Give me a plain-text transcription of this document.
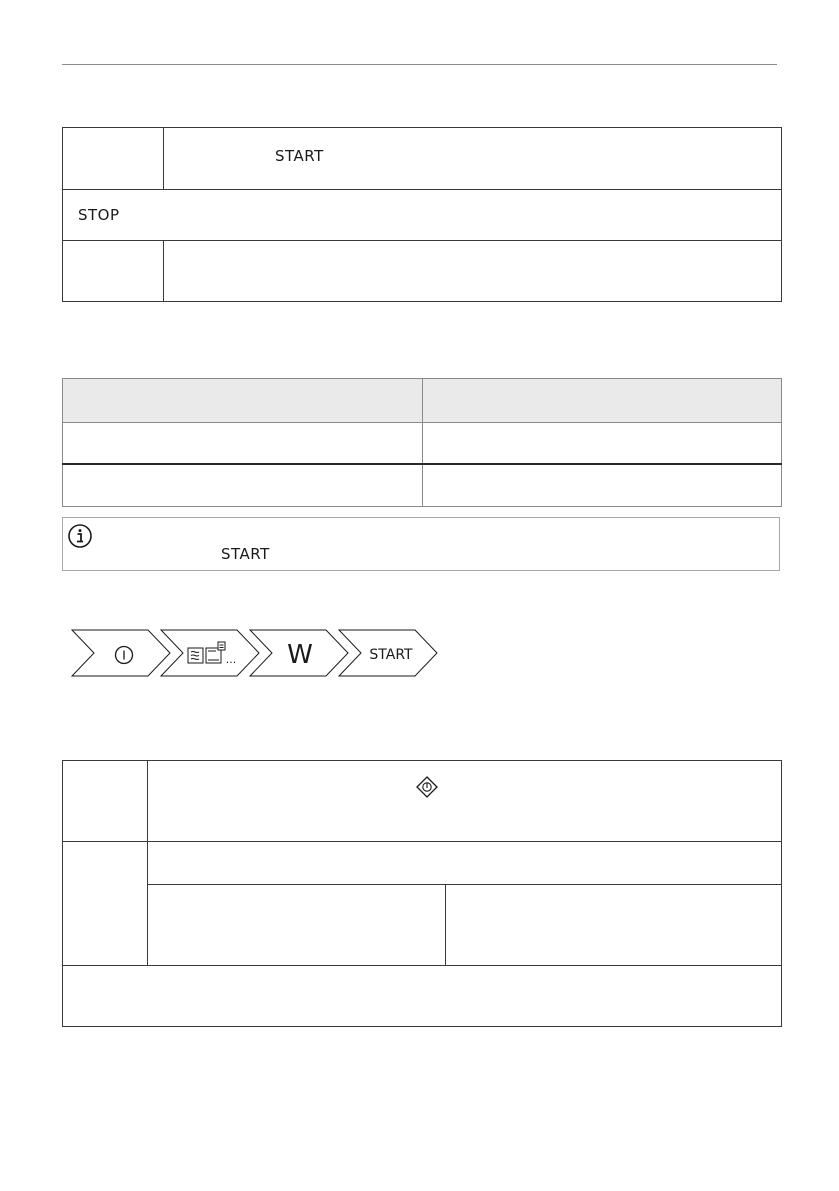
	START

STOP	

START
... W	START
